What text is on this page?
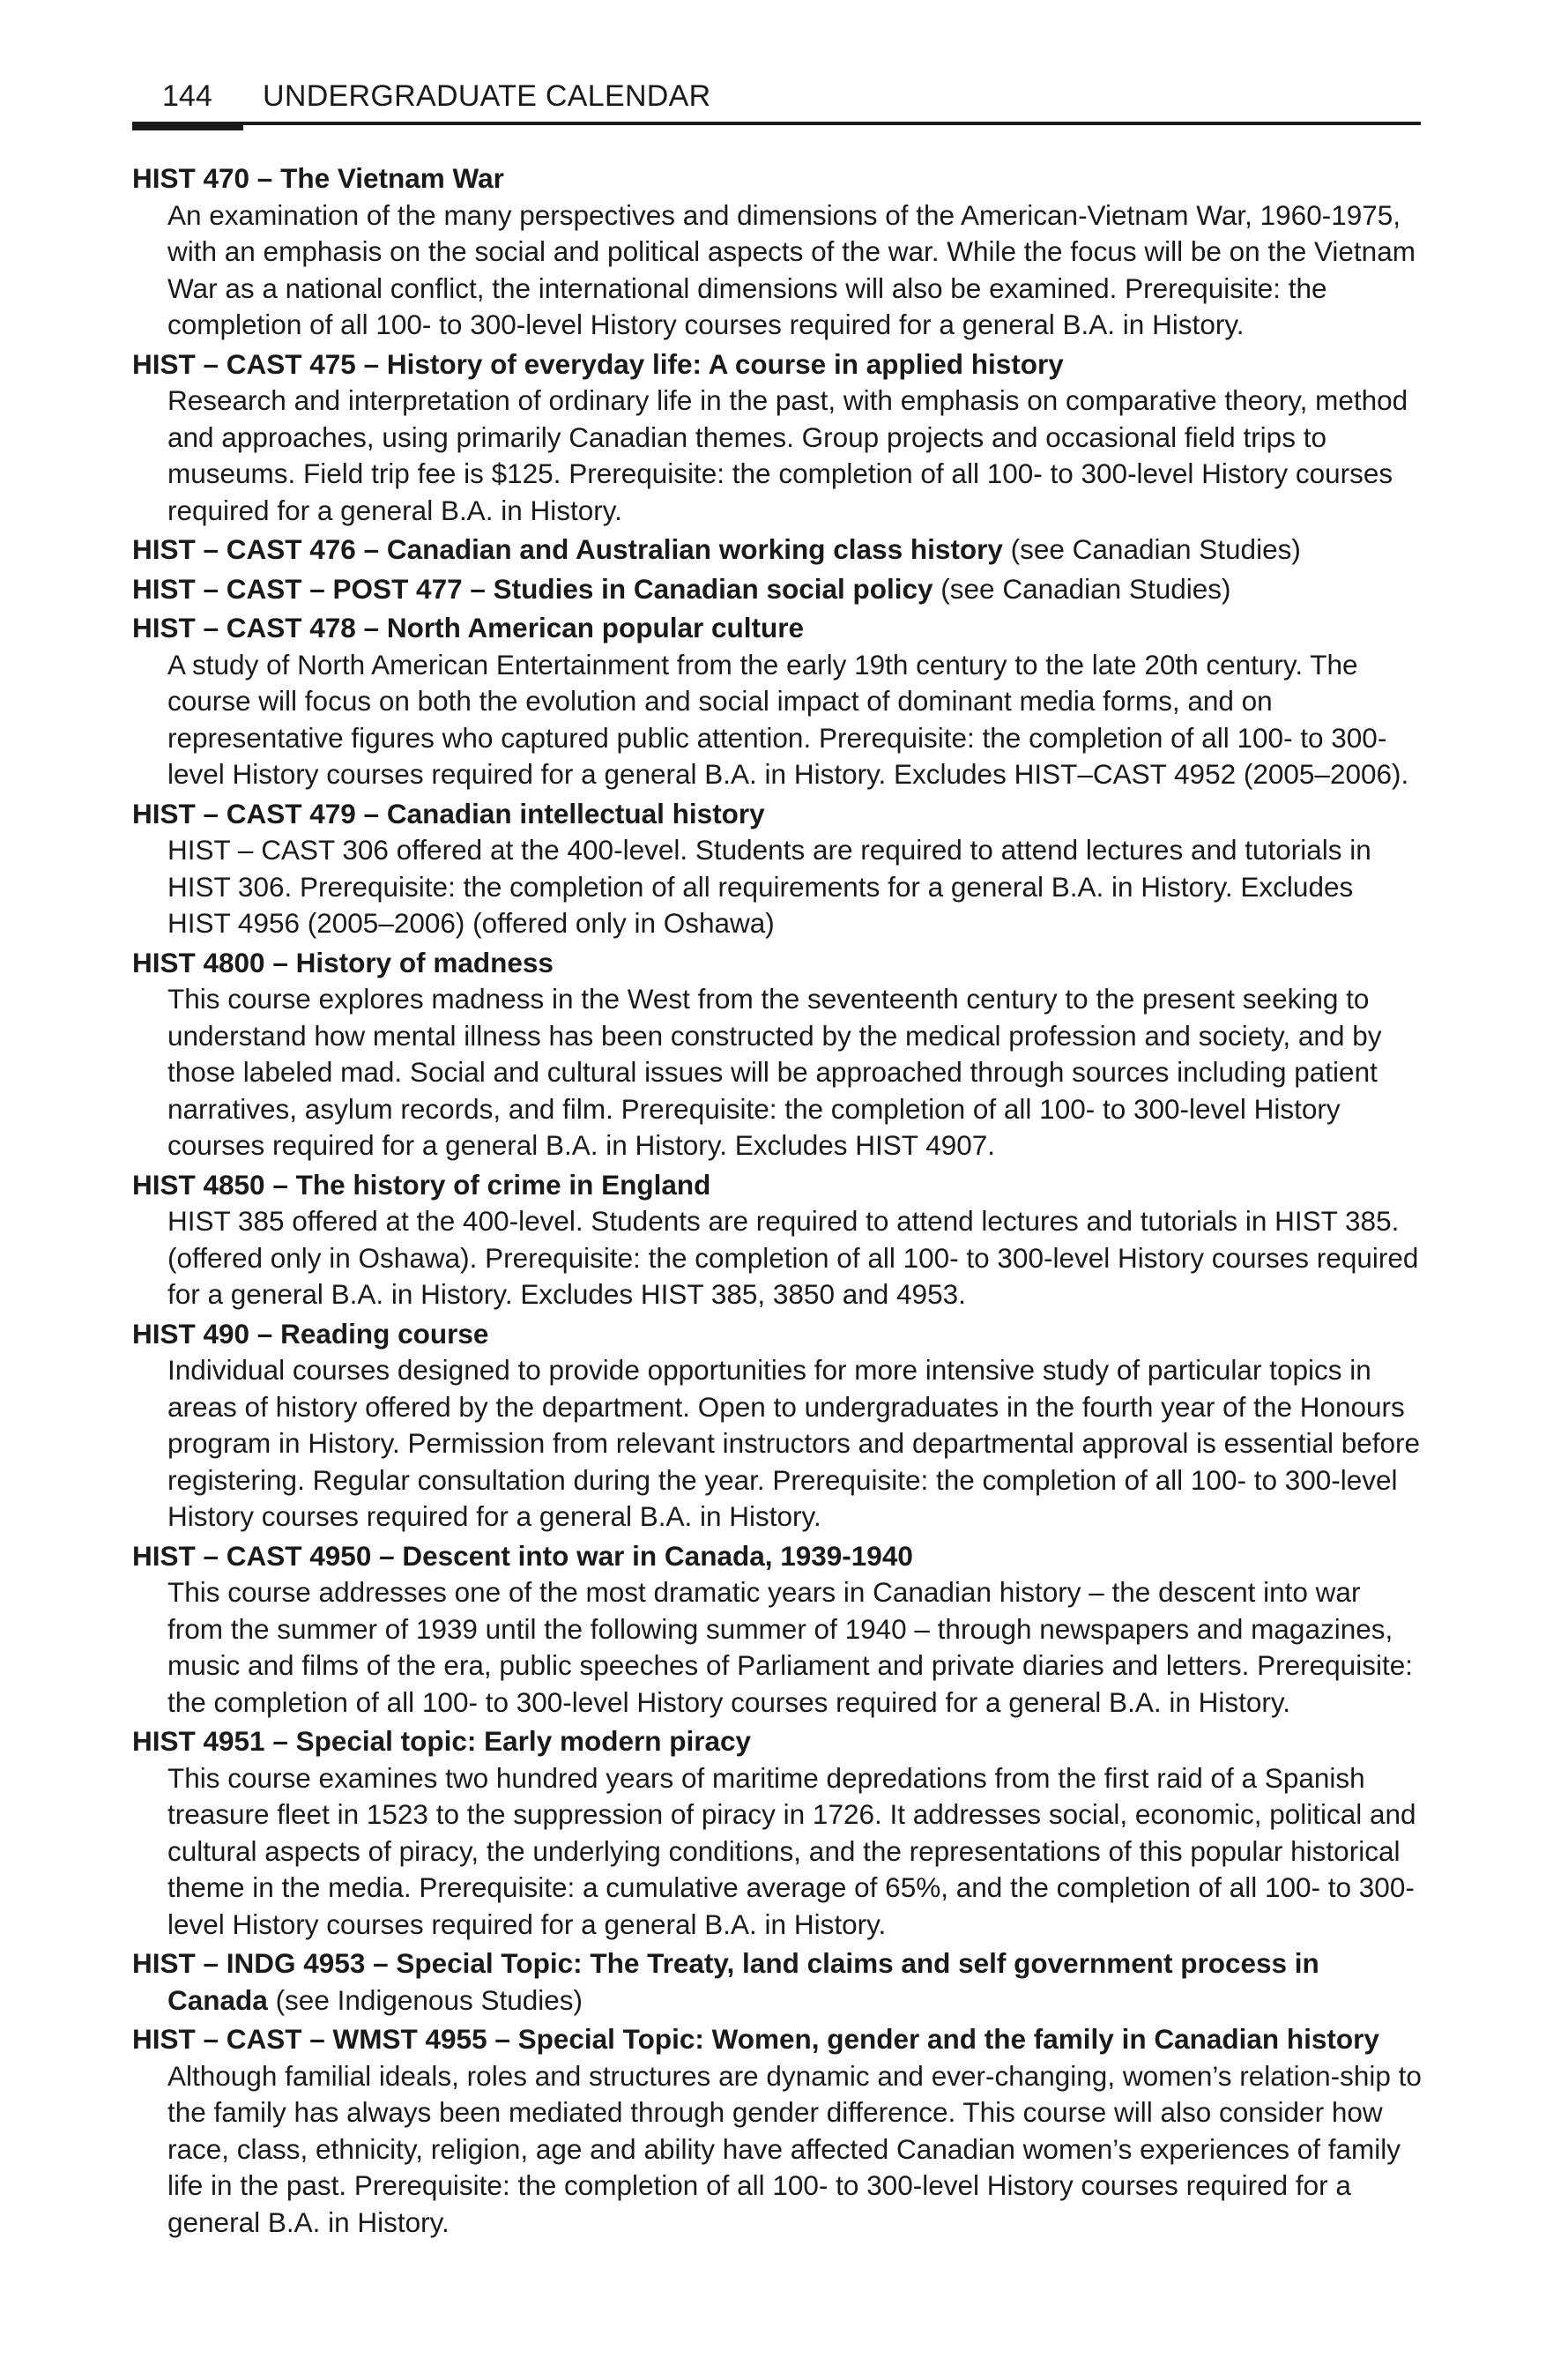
144 UNDERGRADUATE CALENDAR
HIST 470 – The Vietnam War
An examination of the many perspectives and dimensions of the American-Vietnam War, 1960-1975, with an emphasis on the social and political aspects of the war. While the focus will be on the Vietnam War as a national conflict, the international dimensions will also be examined. Prerequisite: the completion of all 100- to 300-level History courses required for a general B.A. in History.
HIST – CAST 475 – History of everyday life: A course in applied history
Research and interpretation of ordinary life in the past, with emphasis on comparative theory, method and approaches, using primarily Canadian themes. Group projects and occasional field trips to museums. Field trip fee is $125. Prerequisite: the completion of all 100- to 300-level History courses required for a general B.A. in History.
HIST – CAST 476 – Canadian and Australian working class history (see Canadian Studies)
HIST – CAST – POST 477 – Studies in Canadian social policy (see Canadian Studies)
HIST – CAST 478 – North American popular culture
A study of North American Entertainment from the early 19th century to the late 20th century. The course will focus on both the evolution and social impact of dominant media forms, and on representative figures who captured public attention. Prerequisite: the completion of all 100- to 300-level History courses required for a general B.A. in History. Excludes HIST–CAST 4952 (2005–2006).
HIST – CAST 479 – Canadian intellectual history
HIST – CAST 306 offered at the 400-level. Students are required to attend lectures and tutorials in HIST 306. Prerequisite: the completion of all requirements for a general B.A. in History. Excludes HIST 4956 (2005–2006) (offered only in Oshawa)
HIST 4800 – History of madness
This course explores madness in the West from the seventeenth century to the present seeking to understand how mental illness has been constructed by the medical profession and society, and by those labeled mad. Social and cultural issues will be approached through sources including patient narratives, asylum records, and film. Prerequisite: the completion of all 100- to 300-level History courses required for a general B.A. in History. Excludes HIST 4907.
HIST 4850 – The history of crime in England
HIST 385 offered at the 400-level. Students are required to attend lectures and tutorials in HIST 385. (offered only in Oshawa). Prerequisite: the completion of all 100- to 300-level History courses required for a general B.A. in History. Excludes HIST 385, 3850 and 4953.
HIST 490 – Reading course
Individual courses designed to provide opportunities for more intensive study of particular topics in areas of history offered by the department. Open to undergraduates in the fourth year of the Honours program in History. Permission from relevant instructors and departmental approval is essential before registering. Regular consultation during the year. Prerequisite: the completion of all 100- to 300-level History courses required for a general B.A. in History.
HIST – CAST 4950 – Descent into war in Canada, 1939-1940
This course addresses one of the most dramatic years in Canadian history – the descent into war from the summer of 1939 until the following summer of 1940 – through newspapers and magazines, music and films of the era, public speeches of Parliament and private diaries and letters. Prerequisite: the completion of all 100- to 300-level History courses required for a general B.A. in History.
HIST 4951 – Special topic: Early modern piracy
This course examines two hundred years of maritime depredations from the first raid of a Spanish treasure fleet in 1523 to the suppression of piracy in 1726. It addresses social, economic, political and cultural aspects of piracy, the underlying conditions, and the representations of this popular historical theme in the media. Prerequisite: a cumulative average of 65%, and the completion of all 100- to 300-level History courses required for a general B.A. in History.
HIST – INDG 4953 – Special Topic: The Treaty, land claims and self government process in Canada (see Indigenous Studies)
HIST – CAST – WMST 4955 – Special Topic: Women, gender and the family in Canadian history
Although familial ideals, roles and structures are dynamic and ever-changing, women’s relation-ship to the family has always been mediated through gender difference. This course will also consider how race, class, ethnicity, religion, age and ability have affected Canadian women’s experiences of family life in the past. Prerequisite: the completion of all 100- to 300-level History courses required for a general B.A. in History.
